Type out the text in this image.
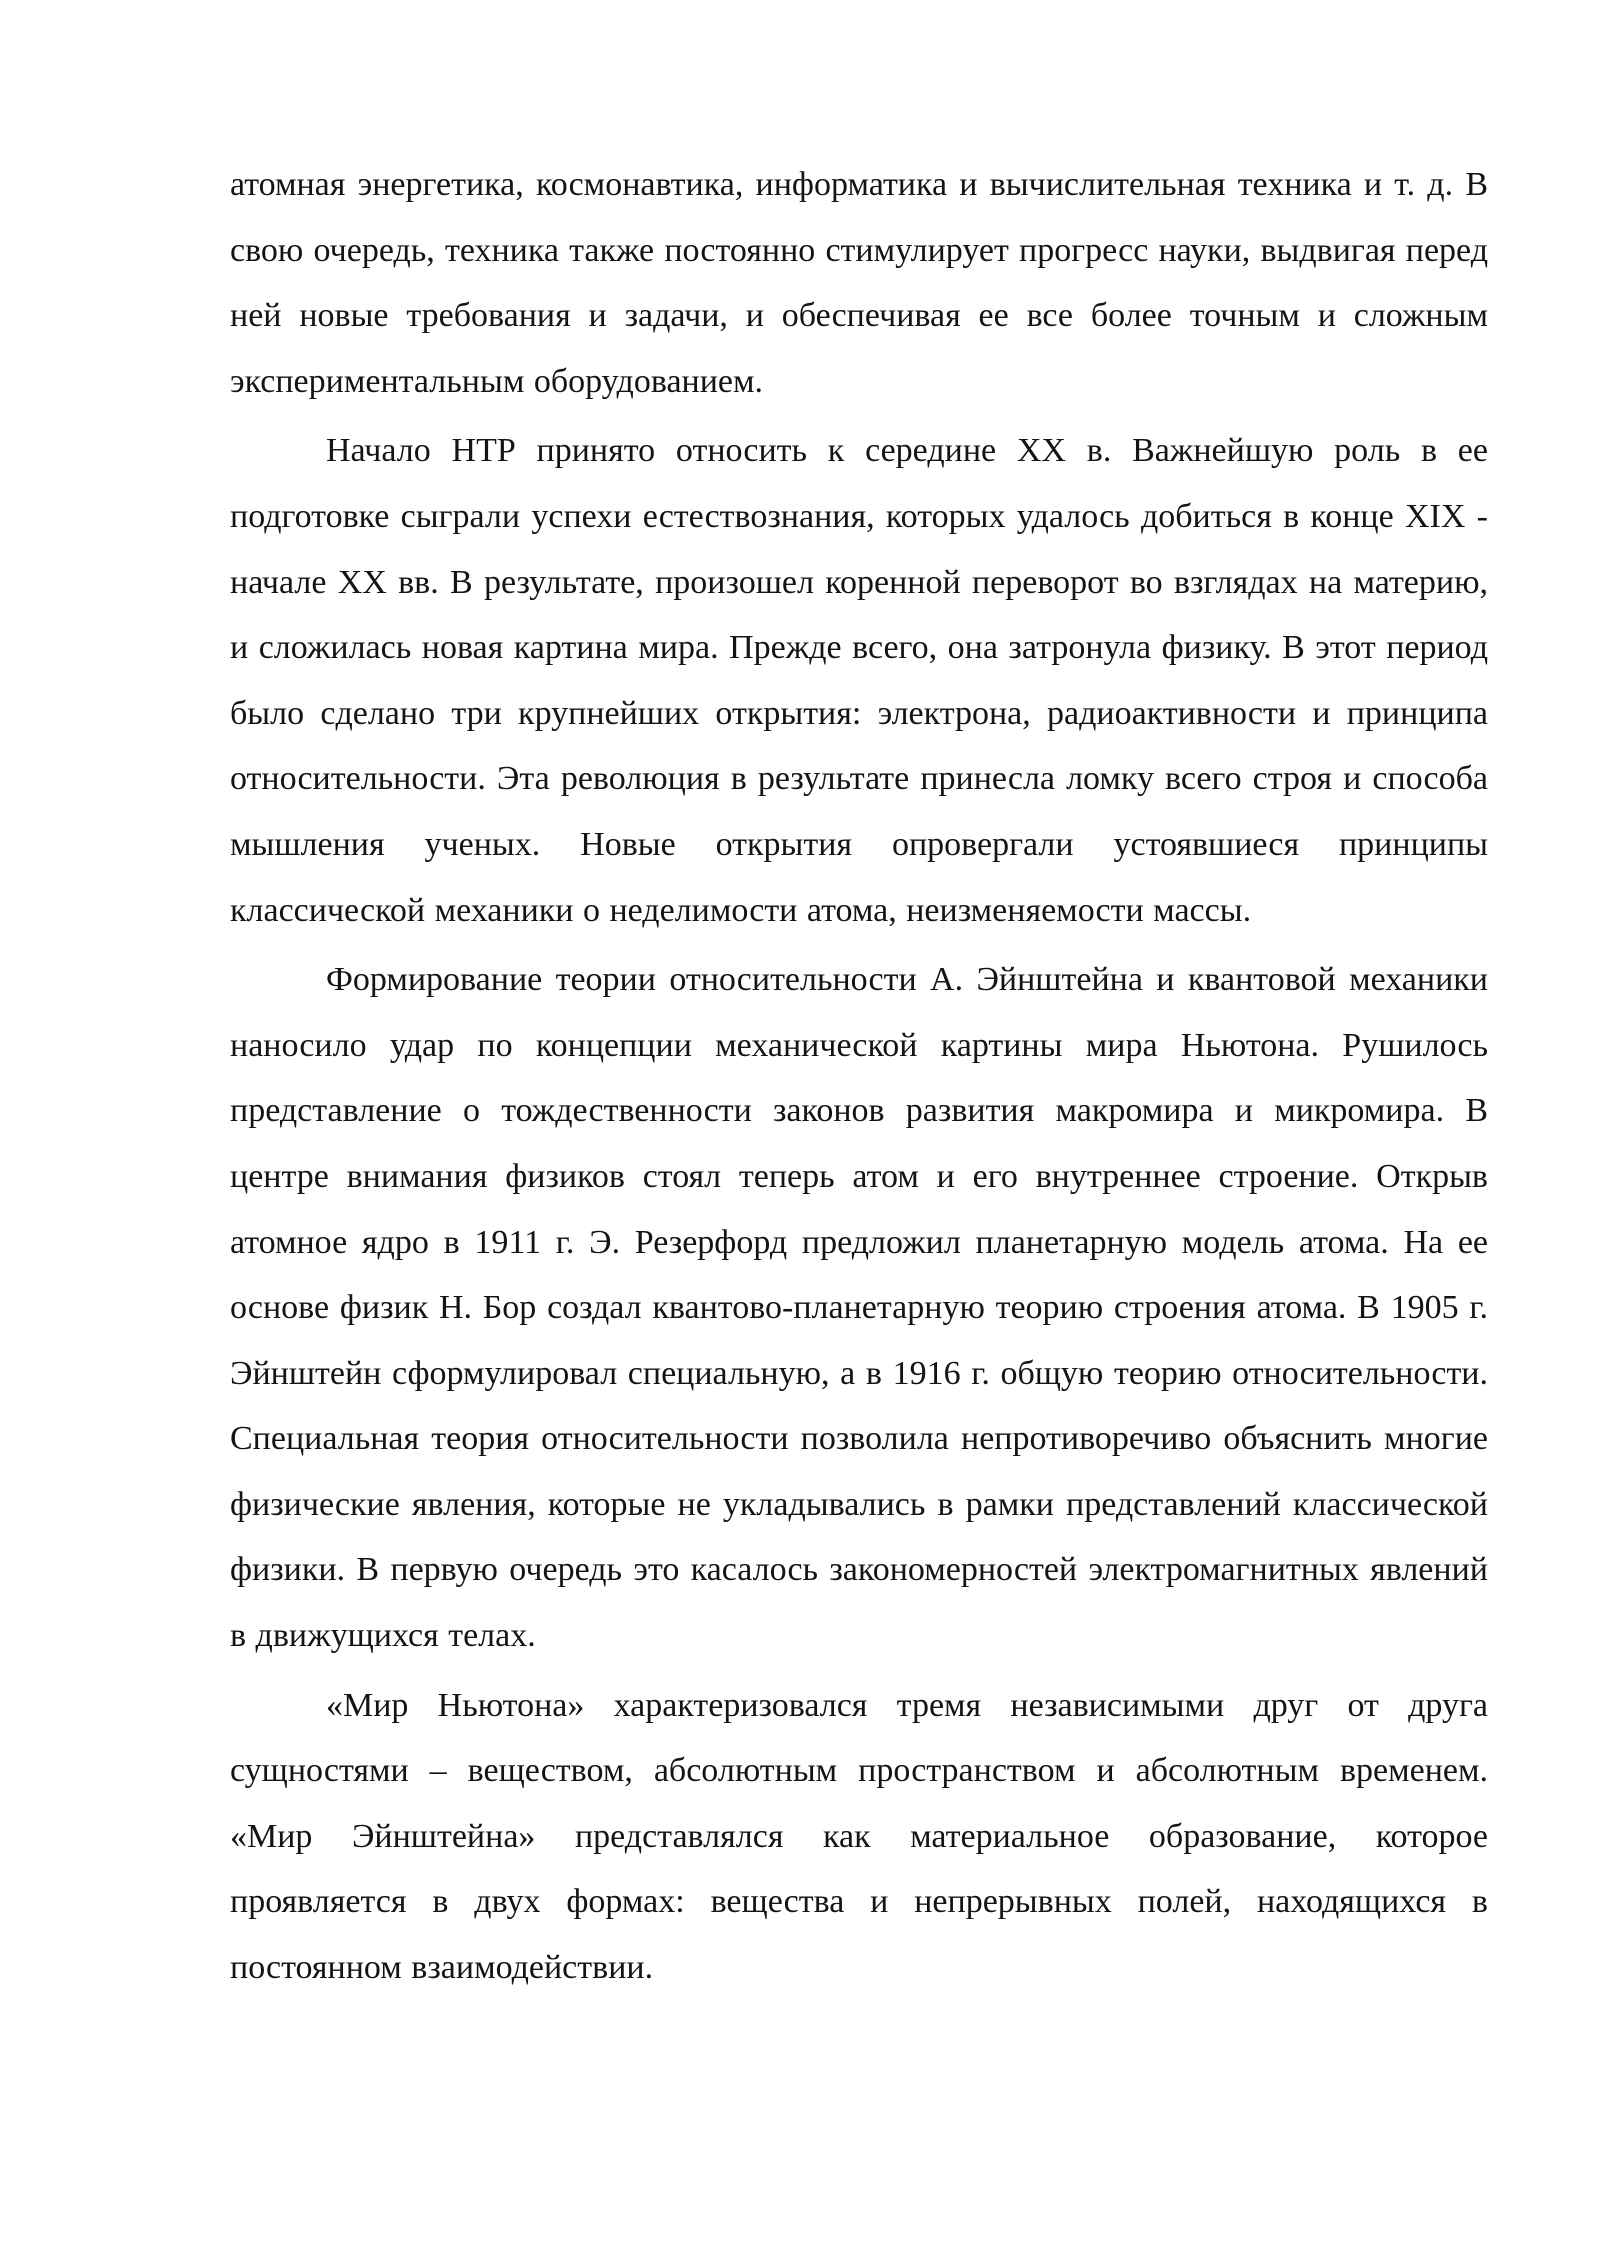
атомная энергетика, космонавтика, информатика и вычислительная техника и т. д. В свою очередь, техника также постоянно стимулирует прогресс науки, выдвигая перед ней новые требования и задачи, и обеспечивая ее все более точным и сложным экспериментальным оборудованием.

Начало НТР принято относить к середине XX в. Важнейшую роль в ее подготовке сыграли успехи естествознания, которых удалось добиться в конце XIX - начале XX вв. В результате, произошел коренной переворот во взглядах на материю, и сложилась новая картина мира. Прежде всего, она затронула физику. В этот период было сделано три крупнейших открытия: электрона, радиоактивности и принципа относительности. Эта революция в результате принесла ломку всего строя и способа мышления ученых. Новые открытия опровергали устоявшиеся принципы классической механики о неделимости атома, неизменяемости массы.

Формирование теории относительности А. Эйнштейна и квантовой механики наносило удар по концепции механической картины мира Ньютона. Рушилось представление о тождественности законов развития макромира и микромира. В центре внимания физиков стоял теперь атом и его внутреннее строение. Открыв атомное ядро в 1911 г. Э. Резерфорд предложил планетарную модель атома. На ее основе физик Н. Бор создал квантово-планетарную теорию строения атома. В 1905 г. Эйнштейн сформулировал специальную, а в 1916 г. общую теорию относительности. Специальная теория относительности позволила непротиворечиво объяснить многие физические явления, которые не укладывались в рамки представлений классической физики. В первую очередь это касалось закономерностей электромагнитных явлений в движущихся телах.

«Мир Ньютона» характеризовался тремя независимыми друг от друга сущностями – веществом, абсолютным пространством и абсолютным временем. «Мир Эйнштейна» представлялся как материальное образование, которое проявляется в двух формах: вещества и непрерывных полей, находящихся в постоянном взаимодействии.
